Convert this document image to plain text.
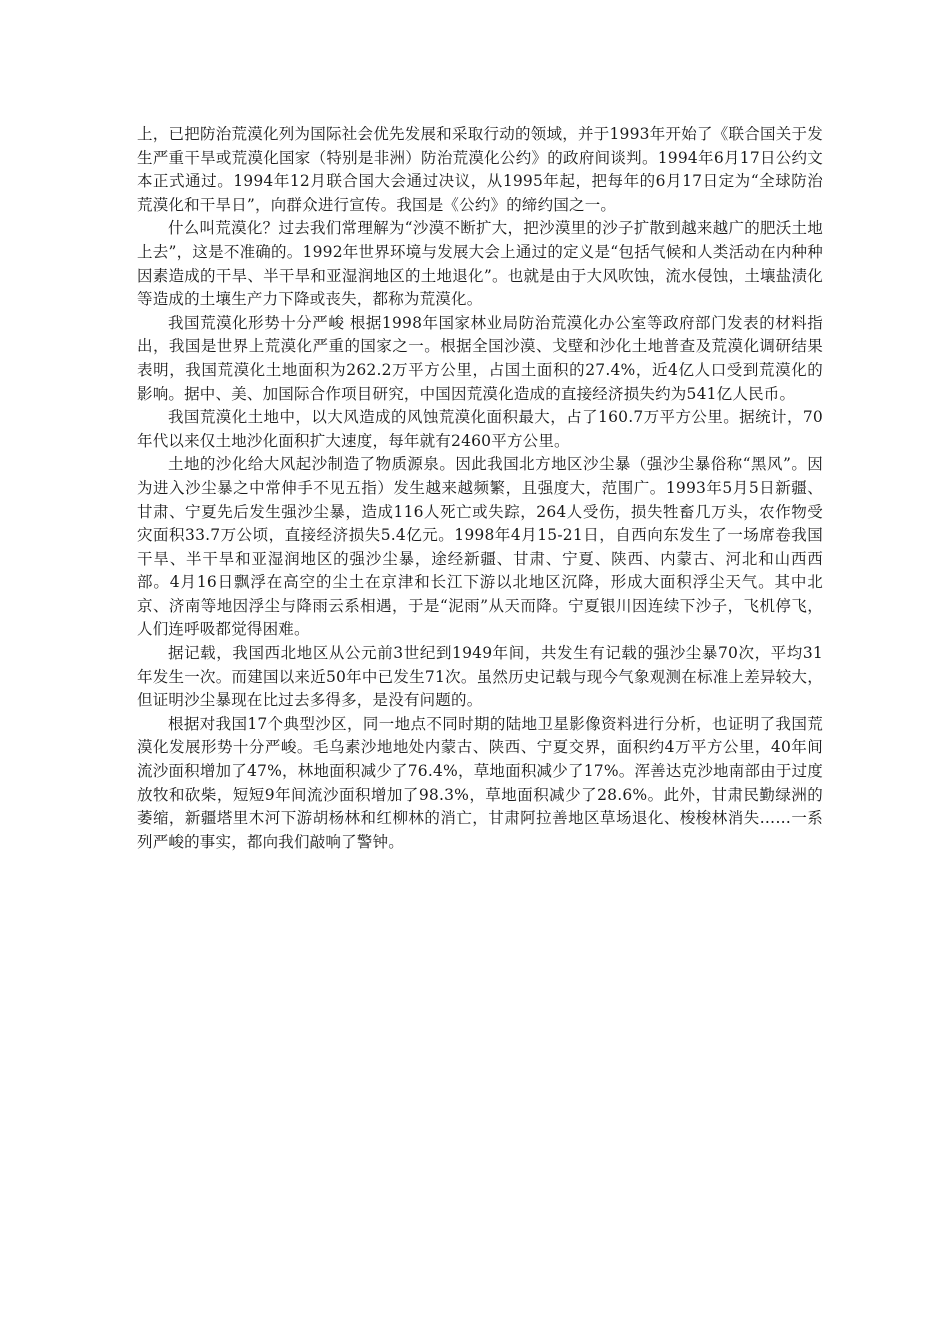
上，已把防治荒漠化列为国际社会优先发展和采取行动的领域，并于1993年开始了《联合国关于发生严重干旱或荒漠化国家（特别是非洲）防治荒漠化公约》的政府间谈判。1994年6月17日公约文本正式通过。1994年12月联合国大会通过决议，从1995年起，把每年的6月17日定为“全球防治荒漠化和干旱日”，向群众进行宣传。我国是《公约》的缔约国之一。

什么叫荒漠化？过去我们常理解为“沙漠不断扩大，把沙漠里的沙子扩散到越来越广的肥沃土地上去”，这是不准确的。1992年世界环境与发展大会上通过的定义是“包括气候和人类活动在内种种因素造成的干旱、半干旱和亚湿润地区的土地退化”。也就是由于大风吹蚀，流水侵蚀，土壤盐渍化等造成的土壤生产力下降或丧失，都称为荒漠化。

我国荒漠化形势十分严峻 根据1998年国家林业局防治荒漠化办公室等政府部门发表的材料指出，我国是世界上荒漠化严重的国家之一。根据全国沙漠、戈壁和沙化土地普查及荒漠化调研结果表明，我国荒漠化土地面积为262.2万平方公里，占国土面积的27.4%，近4亿人口受到荒漠化的影响。据中、美、加国际合作项目研究，中国因荒漠化造成的直接经济损失约为541亿人民币。

我国荒漠化土地中，以大风造成的风蚀荒漠化面积最大，占了160.7万平方公里。据统计，70年代以来仅土地沙化面积扩大速度，每年就有2460平方公里。

土地的沙化给大风起沙制造了物质源泉。因此我国北方地区沙尘暴（强沙尘暴俗称“黑风”。因为进入沙尘暴之中常伸手不见五指）发生越来越频繁，且强度大，范围广。1993年5月5日新疆、甘肃、宁夏先后发生强沙尘暴，造成116人死亡或失踪，264人受伤，损失牲畜几万头，农作物受灾面积33.7万公顷，直接经济损失5.4亿元。1998年4月15-21日，自西向东发生了一场席卷我国干旱、半干旱和亚湿润地区的强沙尘暴，途经新疆、甘肃、宁夏、陕西、内蒙古、河北和山西西部。4月16日飘浮在高空的尘土在京津和长江下游以北地区沉降，形成大面积浮尘天气。其中北京、济南等地因浮尘与降雨云系相遇，于是“泥雨”从天而降。宁夏银川因连续下沙子，飞机停飞，人们连呼吸都觉得困难。

据记载，我国西北地区从公元前3世纪到1949年间，共发生有记载的强沙尘暴70次，平均31年发生一次。而建国以来近50年中已发生71次。虽然历史记载与现今气象观测在标准上差异较大，但证明沙尘暴现在比过去多得多，是没有问题的。

根据对我国17个典型沙区，同一地点不同时期的陆地卫星影像资料进行分析，也证明了我国荒漠化发展形势十分严峻。毛乌素沙地地处内蒙古、陕西、宁夏交界，面积约4万平方公里，40年间流沙面积增加了47%，林地面积减少了76.4%，草地面积减少了17%。浑善达克沙地南部由于过度放牧和砍柴，短短9年间流沙面积增加了98.3%，草地面积减少了28.6%。此外，甘肃民勤绿洲的萎缩，新疆塔里木河下游胡杨林和红柳林的消亡，甘肃阿拉善地区草场退化、梭梭林消失……一系列严峻的事实，都向我们敲响了警钟。
